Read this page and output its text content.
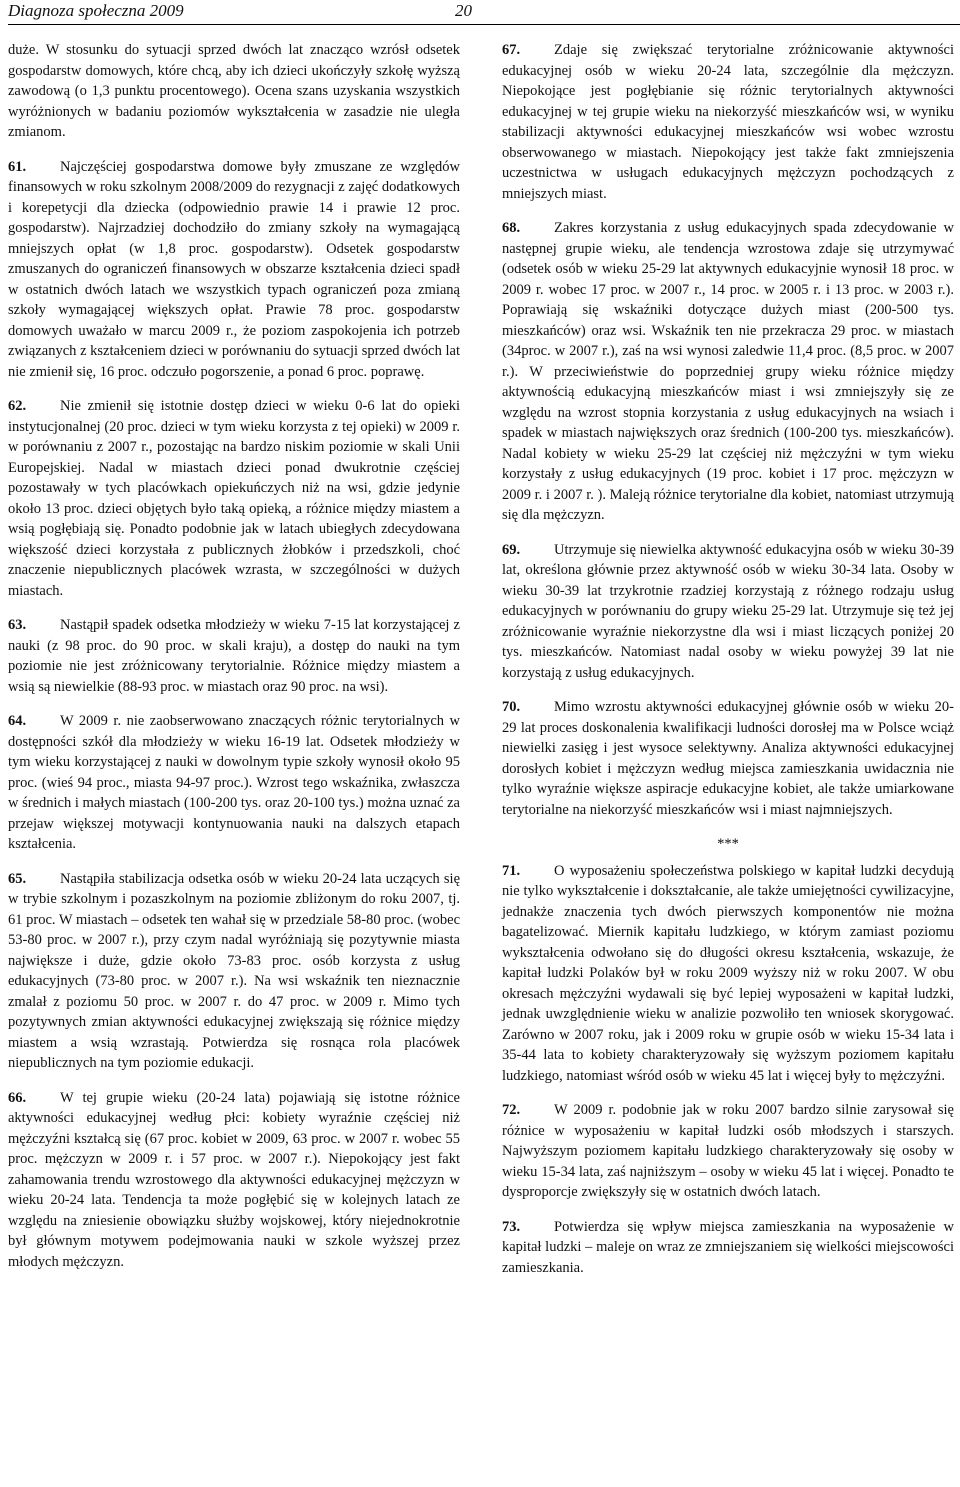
Diagnoza społeczna 2009	20

duże. W stosunku do sytuacji sprzed dwóch lat znacząco wzrósł odsetek gospodarstw domowych, które chcą, aby ich dzieci ukończyły szkołę wyższą zawodową (o 1,3 punktu procentowego). Ocena szans uzyskania wszystkich wyróżnionych w badaniu poziomów wykształcenia w zasadzie nie uległa zmianom.

61. Najczęściej gospodarstwa domowe były zmuszane ze względów finansowych w roku szkolnym 2008/2009 do rezygnacji z zajęć dodatkowych i korepetycji dla dziecka (odpowiednio prawie 14 i prawie 12 proc. gospodarstw). Najrzadziej dochodziło do zmiany szkoły na wymagającą mniejszych opłat (w 1,8 proc. gospodarstw). Odsetek gospodarstw zmuszanych do ograniczeń finansowych w obszarze kształcenia dzieci spadł w ostatnich dwóch latach we wszystkich typach ograniczeń poza zmianą szkoły wymagającej większych opłat. Prawie 78 proc. gospodarstw domowych uważało w marcu 2009 r., że poziom zaspokojenia ich potrzeb związanych z kształceniem dzieci w porównaniu do sytuacji sprzed dwóch lat nie zmienił się, 16 proc. odczuło pogorszenie, a ponad 6 proc. poprawę.

62. Nie zmienił się istotnie dostęp dzieci w wieku 0-6 lat do opieki instytucjonalnej (20 proc. dzieci w tym wieku korzysta z tej opieki) w 2009 r. w porównaniu z 2007 r., pozostając na bardzo niskim poziomie w skali Unii Europejskiej. Nadal w miastach dzieci ponad dwukrotnie częściej pozostawały w tych placówkach opiekuńczych niż na wsi, gdzie jedynie około 13 proc. dzieci objętych było taką opieką, a różnice między miastem a wsią pogłębiają się. Ponadto podobnie jak w latach ubiegłych zdecydowana większość dzieci korzystała z publicznych żłobków i przedszkoli, choć znaczenie niepublicznych placówek wzrasta, w szczególności w dużych miastach.

63. Nastąpił spadek odsetka młodzieży w wieku 7-15 lat korzystającej z nauki (z 98 proc. do 90 proc. w skali kraju), a dostęp do nauki na tym poziomie nie jest zróżnicowany terytorialnie. Różnice między miastem a wsią są niewielkie (88-93 proc. w miastach oraz 90 proc. na wsi).

64. W 2009 r. nie zaobserwowano znaczących różnic terytorialnych w dostępności szkół dla młodzieży w wieku 16-19 lat. Odsetek młodzieży w tym wieku korzystającej z nauki w dowolnym typie szkoły wynosił około 95 proc. (wieś 94 proc., miasta 94-97 proc.). Wzrost tego wskaźnika, zwłaszcza w średnich i małych miastach (100-200 tys. oraz 20-100 tys.) można uznać za przejaw większej motywacji kontynuowania nauki na dalszych etapach kształcenia.

65. Nastąpiła stabilizacja odsetka osób w wieku 20-24 lata uczących się w trybie szkolnym i pozaszkolnym na poziomie zbliżonym do roku 2007, tj. 61 proc. W miastach – odsetek ten wahał się w przedziale 58-80 proc. (wobec 53-80 proc. w 2007 r.), przy czym nadal wyróżniają się pozytywnie miasta największe i duże, gdzie około 73-83 proc. osób korzysta z usług edukacyjnych (73-80 proc. w 2007 r.). Na wsi wskaźnik ten nieznacznie zmalał z poziomu 50 proc. w 2007 r. do 47 proc. w 2009 r. Mimo tych pozytywnych zmian aktywności edukacyjnej zwiększają się różnice między miastem a wsią wzrastają. Potwierdza się rosnąca rola placówek niepublicznych na tym poziomie edukacji.

66. W tej grupie wieku (20-24 lata) pojawiają się istotne różnice aktywności edukacyjnej według płci: kobiety wyraźnie częściej niż mężczyźni kształcą się (67 proc. kobiet w 2009, 63 proc. w 2007 r. wobec 55 proc. mężczyzn w 2009 r. i 57 proc. w 2007 r.). Niepokojący jest fakt zahamowania trendu wzrostowego dla aktywności edukacyjnej mężczyzn w wieku 20-24 lata. Tendencja ta może pogłębić się w kolejnych latach ze względu na zniesienie obowiązku służby wojskowej, który niejednokrotnie był głównym motywem podejmowania nauki w szkole wyższej przez młodych mężczyzn.

67. Zdaje się zwiększać terytorialne zróżnicowanie aktywności edukacyjnej osób w wieku 20-24 lata, szczególnie dla mężczyzn. Niepokojące jest pogłębianie się różnic terytorialnych aktywności edukacyjnej w tej grupie wieku na niekorzyść mieszkańców wsi, w wyniku stabilizacji aktywności edukacyjnej mieszkańców wsi wobec wzrostu obserwowanego w miastach. Niepokojący jest także fakt zmniejszenia uczestnictwa w usługach edukacyjnych mężczyzn pochodzących z mniejszych miast.

68. Zakres korzystania z usług edukacyjnych spada zdecydowanie w następnej grupie wieku, ale tendencja wzrostowa zdaje się utrzymywać (odsetek osób w wieku 25-29 lat aktywnych edukacyjnie wynosił 18 proc. w 2009 r. wobec 17 proc. w 2007 r., 14 proc. w 2005 r. i 13 proc. w 2003 r.). Poprawiają się wskaźniki dotyczące dużych miast (200-500 tys. mieszkańców) oraz wsi. Wskaźnik ten nie przekracza 29 proc. w miastach (34proc. w 2007 r.), zaś na wsi wynosi zaledwie 11,4 proc. (8,5 proc. w 2007 r.). W przeciwieństwie do poprzedniej grupy wieku różnice między aktywnością edukacyjną mieszkańców miast i wsi zmniejszyły się ze względu na wzrost stopnia korzystania z usług edukacyjnych na wsiach i spadek w miastach największych oraz średnich (100-200 tys. mieszkańców). Nadal kobiety w wieku 25-29 lat częściej niż mężczyźni w tym wieku korzystały z usług edukacyjnych (19 proc. kobiet i 17 proc. mężczyzn w 2009 r. i 2007 r. ). Maleją różnice terytorialne dla kobiet, natomiast utrzymują się dla mężczyzn.

69. Utrzymuje się niewielka aktywność edukacyjna osób w wieku 30-39 lat, określona głównie przez aktywność osób w wieku 30-34 lata. Osoby w wieku 30-39 lat trzykrotnie rzadziej korzystają z różnego rodzaju usług edukacyjnych w porównaniu do grupy wieku 25-29 lat. Utrzymuje się też jej zróżnicowanie wyraźnie niekorzystne dla wsi i miast liczących poniżej 20 tys. mieszkańców. Natomiast nadal osoby w wieku powyżej 39 lat nie korzystają z usług edukacyjnych.

70. Mimo wzrostu aktywności edukacyjnej głównie osób w wieku 20-29 lat proces doskonalenia kwalifikacji ludności dorosłej ma w Polsce wciąż niewielki zasięg i jest wysoce selektywny. Analiza aktywności edukacyjnej dorosłych kobiet i mężczyzn według miejsca zamieszkania uwidacznia nie tylko wyraźnie większe aspiracje edukacyjne kobiet, ale także umiarkowane terytorialne na niekorzyść mieszkańców wsi i miast najmniejszych.

***

71. O wyposażeniu społeczeństwa polskiego w kapitał ludzki decydują nie tylko wykształcenie i dokształcanie, ale także umiejętności cywilizacyjne, jednakże znaczenia tych dwóch pierwszych komponentów nie można bagatelizować. Miernik kapitału ludzkiego, w którym zamiast poziomu wykształcenia odwołano się do długości okresu kształcenia, wskazuje, że kapitał ludzki Polaków był w roku 2009 wyższy niż w roku 2007. W obu okresach mężczyźni wydawali się być lepiej wyposażeni w kapitał ludzki, jednak uwzględnienie wieku w analizie pozwoliło ten wniosek skorygować. Zarówno w 2007 roku, jak i 2009 roku w grupie osób w wieku 15-34 lata i 35-44 lata to kobiety charakteryzowały się wyższym poziomem kapitału ludzkiego, natomiast wśród osób w wieku 45 lat i więcej były to mężczyźni.

72. W 2009 r. podobnie jak w roku 2007 bardzo silnie zarysował się różnice w wyposażeniu w kapitał ludzki osób młodszych i starszych. Najwyższym poziomem kapitału ludzkiego charakteryzowały się osoby w wieku 15-34 lata, zaś najniższym – osoby w wieku 45 lat i więcej. Ponadto te dysproporcje zwiększyły się w ostatnich dwóch latach.

73. Potwierdza się wpływ miejsca zamieszkania na wyposażenie w kapitał ludzki – maleje on wraz ze zmniejszaniem się wielkości miejscowości zamieszkania.
